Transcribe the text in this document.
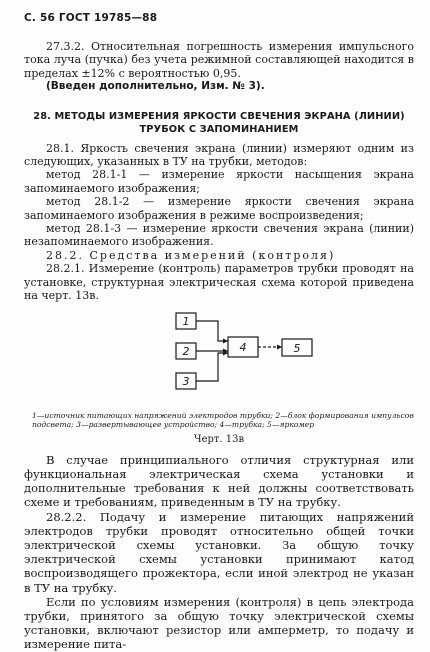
С. 56 ГОСТ 19785—88

27.3.2. Относительная погрешность измерения импульсного тока луча (пучка) без учета режимной составляющей находится в пределах ±12% с вероятностью 0,95.

(Введен дополнительно, Изм. № 3).

28. МЕТОДЫ ИЗМЕРЕНИЯ ЯРКОСТИ СВЕЧЕНИЯ ЭКРАНА (ЛИНИИ) ТРУБОК С ЗАПОМИНАНИЕМ

28.1. Яркость свечения экрана (линии) измеряют одним из следующих, указанных в ТУ на трубки, методов:

метод 28.1-1 — измерение яркости насыщения экрана запоминаемого изображения;

метод 28.1-2 — измерение яркости свечения экрана запоминаемого изображения в режиме воспроизведения;

метод 28.1-3 — измерение яркости свечения экрана (линии) незапоминаемого изображения.

28.2. Средства измерений (контроля)

28.2.1. Измерение (контроль) параметров трубки проводят на установке, структурная электрическая схема которой приведена на черт. 13в.

1
2
3
4	5

1—источник питающих напряжений электродов трубки; 2—блок формирования импульсов подсвета; 3—развертывающее устройство; 4—трубка; 5—яркомер

Черт. 13в

В случае принципиального отличия структурная или функциональная электрическая схема установки и дополнительные требования к ней должны соответствовать схеме и требованиям, приведенным в ТУ на трубку.

28.2.2. Подачу и измерение питающих напряжений электродов трубки проводят относительно общей точки электрической схемы установки. За общую точку электрической схемы установки принимают катод воспроизводящего прожектора, если иной электрод не указан в ТУ на трубку.

Если по условиям измерения (контроля) в цепь электрода трубки, принятого за общую точку электрической схемы установки, включают резистор или амперметр, то подачу и измерение пита-
